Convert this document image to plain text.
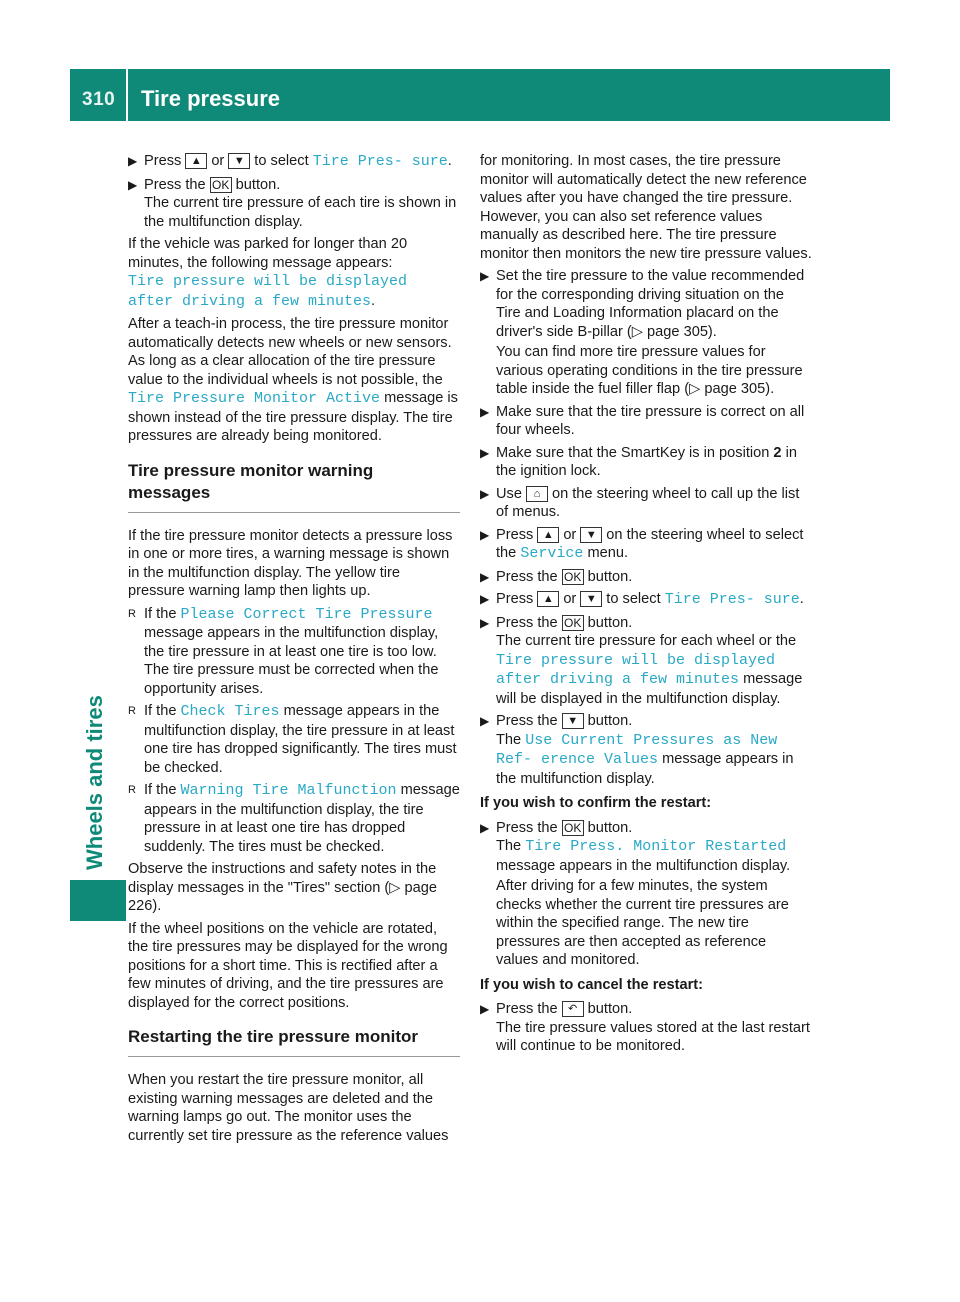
310 Tire pressure
Wheels and tires
▶ Press ▲ or ▼ to select Tire Pres‐ sure.
▶ Press the OK button.
The current tire pressure of each tire is shown in the multifunction display.

If the vehicle was parked for longer than 20 minutes, the following message appears:
Tire pressure will be displayed after driving a few minutes.

After a teach-in process, the tire pressure monitor automatically detects new wheels or new sensors. As long as a clear allocation of the tire pressure value to the individual wheels is not possible, the Tire Pressure Monitor Active message is shown instead of the tire pressure display. The tire pressures are already being monitored.

Tire pressure monitor warning messages

If the tire pressure monitor detects a pressure loss in one or more tires, a warning message is shown in the multifunction display. The yellow tire pressure warning lamp then lights up.

R If the Please Correct Tire Pressure message appears in the multifunction display, the tire pressure in at least one tire is too low. The tire pressure must be corrected when the opportunity arises.
R If the Check Tires message appears in the multifunction display, the tire pressure in at least one tire has dropped significantly. The tires must be checked.
R If the Warning Tire Malfunction message appears in the multifunction display, the tire pressure in at least one tire has dropped suddenly. The tires must be checked.

Observe the instructions and safety notes in the display messages in the "Tires" section (▷ page 226).

If the wheel positions on the vehicle are rotated, the tire pressures may be displayed for the wrong positions for a short time. This is rectified after a few minutes of driving, and the tire pressures are displayed for the correct positions.

Restarting the tire pressure monitor

When you restart the tire pressure monitor, all existing warning messages are deleted and the warning lamps go out. The monitor uses the currently set tire pressure as the reference values

for monitoring. In most cases, the tire pressure monitor will automatically detect the new reference values after you have changed the tire pressure. However, you can also set reference values manually as described here. The tire pressure monitor then monitors the new tire pressure values.

▶ Set the tire pressure to the value recommended for the corresponding driving situation on the Tire and Loading Information placard on the driver's side B-pillar (▷ page 305).

You can find more tire pressure values for various operating conditions in the tire pressure table inside the fuel filler flap (▷ page 305).

▶ Make sure that the tire pressure is correct on all four wheels.
▶ Make sure that the SmartKey is in position 2 in the ignition lock.
▶ Use ⌂ on the steering wheel to call up the list of menus.
▶ Press ▲ or ▼ on the steering wheel to select the Service menu.
▶ Press the OK button.
▶ Press ▲ or ▼ to select Tire Pres‐ sure.
▶ Press the OK button.
The current tire pressure for each wheel or the Tire pressure will be displayed after driving a few minutes message will be displayed in the multifunction display.
▶ Press the ▼ button.
The Use Current Pressures as New Ref‐ erence Values message appears in the multifunction display.
If you wish to confirm the restart:
▶ Press the OK button.
The Tire Press. Monitor Restarted message appears in the multifunction display.

After driving for a few minutes, the system checks whether the current tire pressures are within the specified range. The new tire pressures are then accepted as reference values and monitored.

If you wish to cancel the restart:
▶ Press the ↶ button.
The tire pressure values stored at the last restart will continue to be monitored.
